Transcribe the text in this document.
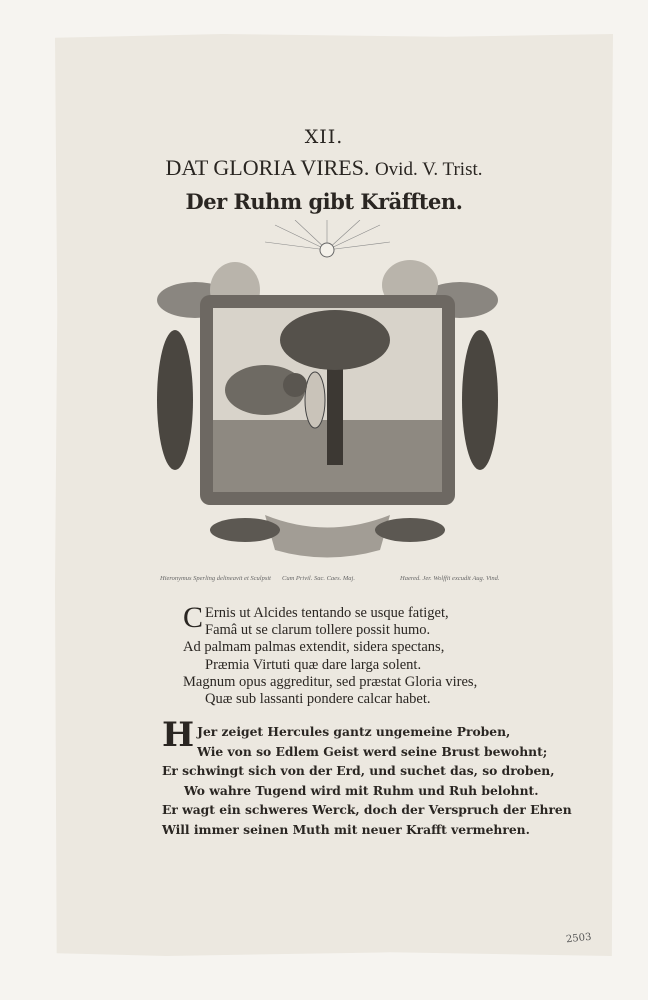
XII.
DAT GLORIA VIRES. Ovid. V. Trist.
Der Ruhm gibt Kräfften.
Hieronymus Sperling delineavit et Sculpsit Cum Privil. Sac. Caes. Maj.	Haered. Jer. Wolffii excudit Aug. Vind.
C Ernis ut Alcides tentando se usque fatiget,
Famâ ut se clarum tollere possit humo.
Ad palmam palmas extendit, sidera spectans,
Præmia Virtuti quæ dare larga solent.
Magnum opus aggreditur, sed præstat Gloria vires,
Quæ sub lassanti pondere calcar habet.
H Jer zeiget Hercules gantz ungemeine Proben,
Wie von so Edlem Geist werd seine Brust bewohnt;
Er schwingt sich von der Erd, und suchet das, so droben,
Wo wahre Tugend wird mit Ruhm und Ruh belohnt.
Er wagt ein schweres Werck, doch der Verspruch der Ehren
Will immer seinen Muth mit neuer Krafft vermehren.
2503
